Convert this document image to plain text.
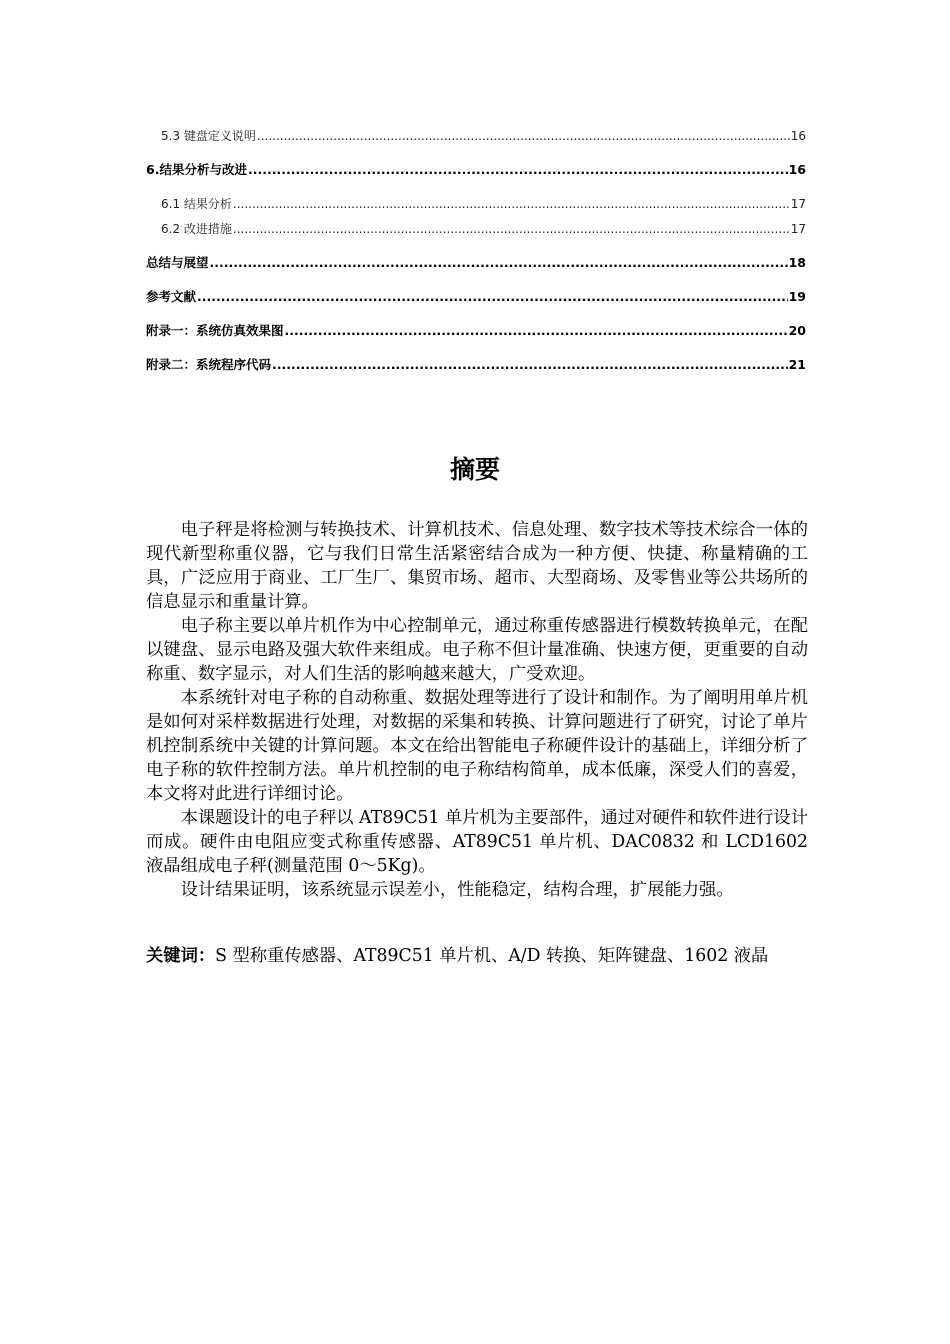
5.3 键盘定义说明 .....	16
6.结果分析与改进 .....	16
6.1 结果分析 .....	17
6.2 改进措施 .....	17
总结与展望 .....	18
参考文献 .....	19
附录一：系统仿真效果图 .....	20
附录二：系统程序代码 .....	21
摘要

电子秤是将检测与转换技术、计算机技术、信息处理、数字技术等技术综合一体的现代新型称重仪器，它与我们日常生活紧密结合成为一种方便、快捷、称量精确的工具，广泛应用于商业、工厂生厂、集贸市场、超市、大型商场、及零售业等公共场所的信息显示和重量计算。

电子称主要以单片机作为中心控制单元，通过称重传感器进行模数转换单元，在配以键盘、显示电路及强大软件来组成。电子称不但计量准确、快速方便，更重要的自动称重、数字显示，对人们生活的影响越来越大，广受欢迎。

本系统针对电子称的自动称重、数据处理等进行了设计和制作。为了阐明用单片机是如何对采样数据进行处理，对数据的采集和转换、计算问题进行了研究，讨论了单片机控制系统中关键的计算问题。本文在给出智能电子称硬件设计的基础上，详细分析了电子称的软件控制方法。单片机控制的电子称结构简单，成本低廉，深受人们的喜爱，本文将对此进行详细讨论。

本课题设计的电子秤以 AT89C51 单片机为主要部件，通过对硬件和软件进行设计而成。硬件由电阻应变式称重传感器、AT89C51 单片机、DAC0832 和 LCD1602 液晶组成电子秤(测量范围 0～5Kg)。

设计结果证明，该系统显示误差小，性能稳定，结构合理，扩展能力强。

关键词：S 型称重传感器、AT89C51 单片机、A/D 转换、矩阵键盘、1602 液晶
